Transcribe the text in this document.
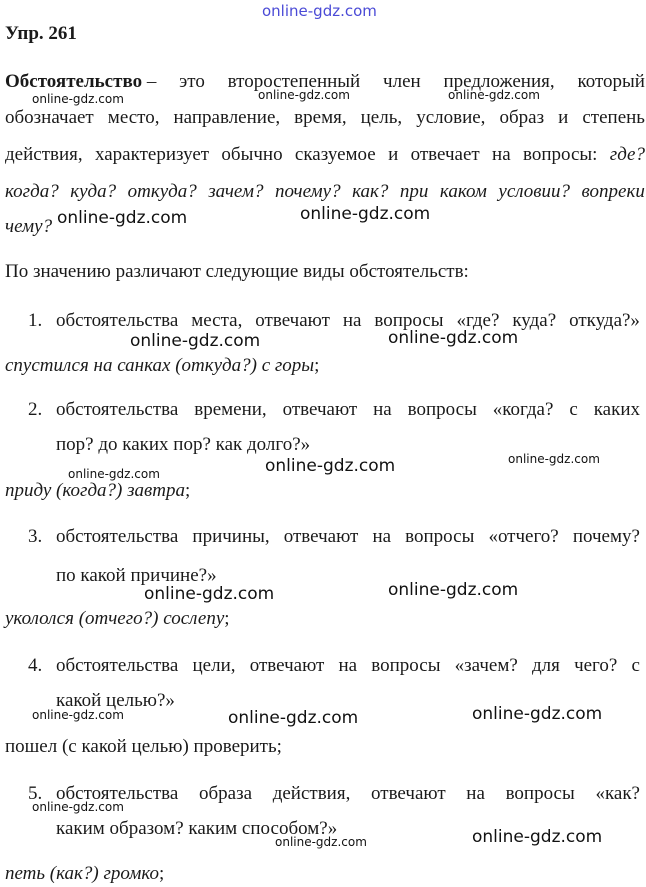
online-gdz.com
Упр. 261
Обстоятельство – это второстепенный член предложения, который
обозначает место, направление, время, цель, условие, образ и степень
действия, характеризует обычно сказуемое и отвечает на вопросы: где?
когда? куда? откуда? зачем? почему? как? при каком условии? вопреки
чему?
По значению различают следующие виды обстоятельств:
1. обстоятельства места, отвечают на вопросы «где? куда? откуда?»
спустился на санках (откуда?) с горы;
2. обстоятельства времени, отвечают на вопросы «когда? с каких
пор? до каких пор? как долго?»
приду (когда?) завтра;
3. обстоятельства причины, отвечают на вопросы «отчего? почему?
по какой причине?»
укололся (отчего?) сослепу;
4. обстоятельства цели, отвечают на вопросы «зачем? для чего? с
какой целью?»
пошел (с какой целью) проверить;
5. обстоятельства образа действия, отвечают на вопросы «как?
каким образом? каким способом?»
петь (как?) громко;
online-gdz.com	online-gdz.com	online-gdz.com
online-gdz.com	online-gdz.com
online-gdz.com	online-gdz.com
online-gdz.com	online-gdz.com	online-gdz.com
online-gdz.com	online-gdz.com
online-gdz.com	online-gdz.com	online-gdz.com
online-gdz.com
online-gdz.com	online-gdz.com
